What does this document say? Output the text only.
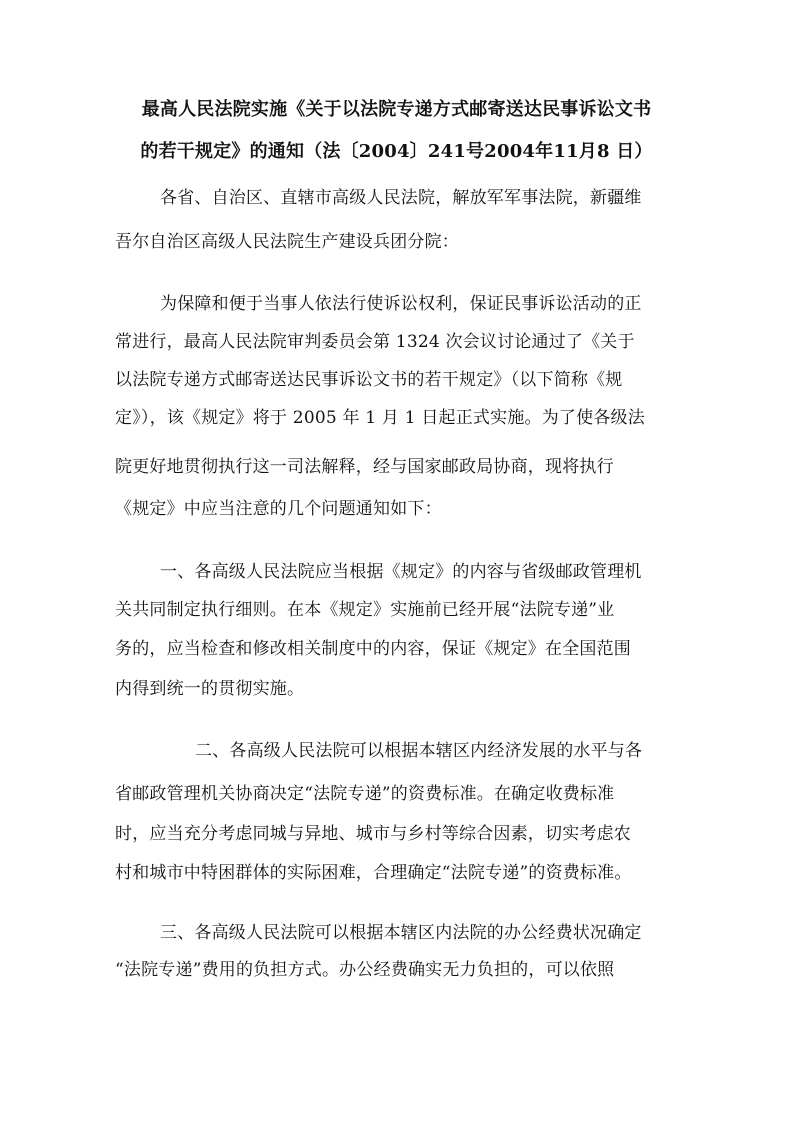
最高人民法院实施《关于以法院专递方式邮寄送达民事诉讼文书
的若干规定》的通知（法〔2004〕241号2004年11月8 日）
各省、自治区、直辖市高级人民法院，解放军军事法院，新疆维
吾尔自治区高级人民法院生产建设兵团分院：
为保障和便于当事人依法行使诉讼权利，保证民事诉讼活动的正
常进行，最高人民法院审判委员会第 1324 次会议讨论通过了《关于
以法院专递方式邮寄送达民事诉讼文书的若干规定》（以下简称《规
定》），该《规定》将于 2005 年 1 月 1 日起正式实施。为了使各级法
院更好地贯彻执行这一司法解释，经与国家邮政局协商，现将执行
《规定》中应当注意的几个问题通知如下：
一、各高级人民法院应当根据《规定》的内容与省级邮政管理机
关共同制定执行细则。在本《规定》实施前已经开展“法院专递”业
务的，应当检查和修改相关制度中的内容，保证《规定》在全国范围
内得到统一的贯彻实施。
二、各高级人民法院可以根据本辖区内经济发展的水平与各
省邮政管理机关协商决定“法院专递”的资费标准。在确定收费标准
时，应当充分考虑同城与异地、城市与乡村等综合因素，切实考虑农
村和城市中特困群体的实际困难，合理确定“法院专递”的资费标准。
三、各高级人民法院可以根据本辖区内法院的办公经费状况确定
“法院专递”费用的负担方式。办公经费确实无力负担的，可以依照
